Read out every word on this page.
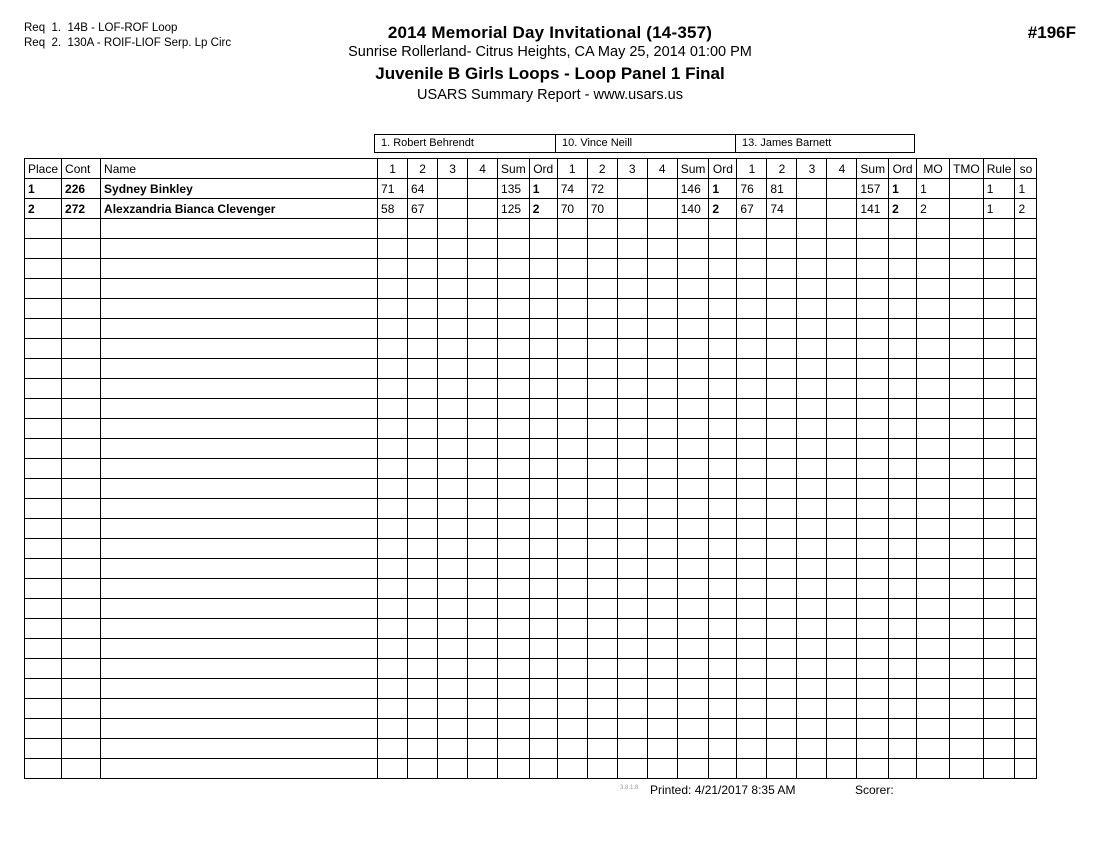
Req  1.  14B - LOF-ROF Loop
Req  2.  130A - ROIF-LIOF Serp. Lp Circ
2014 Memorial Day Invitational (14-357)
Sunrise Rollerland- Citrus Heights, CA May 25, 2014 01:00 PM
Juvenile B Girls Loops - Loop Panel 1 Final
USARS Summary Report - www.usars.us
#196F
1. Robert Behrendt	10. Vince Neill	13. James Barnett
Place	Cont	Name	1	2	3	4	Sum	Ord	1	2	3	4	Sum	Ord	1	2	3	4	Sum	Ord	MO	TMO	Rule	so
1	226	Sydney Binkley	71	64			135	1	74	72			146	1	76	81			157	1	1		1	1
2	272	Alexzandria Bianca Clevenger	58	67			125	2	70	70			140	2	67	74			141	2	2		1	2

3.8.1.8 Printed: 4/21/2017 8:35 AM	Scorer:
